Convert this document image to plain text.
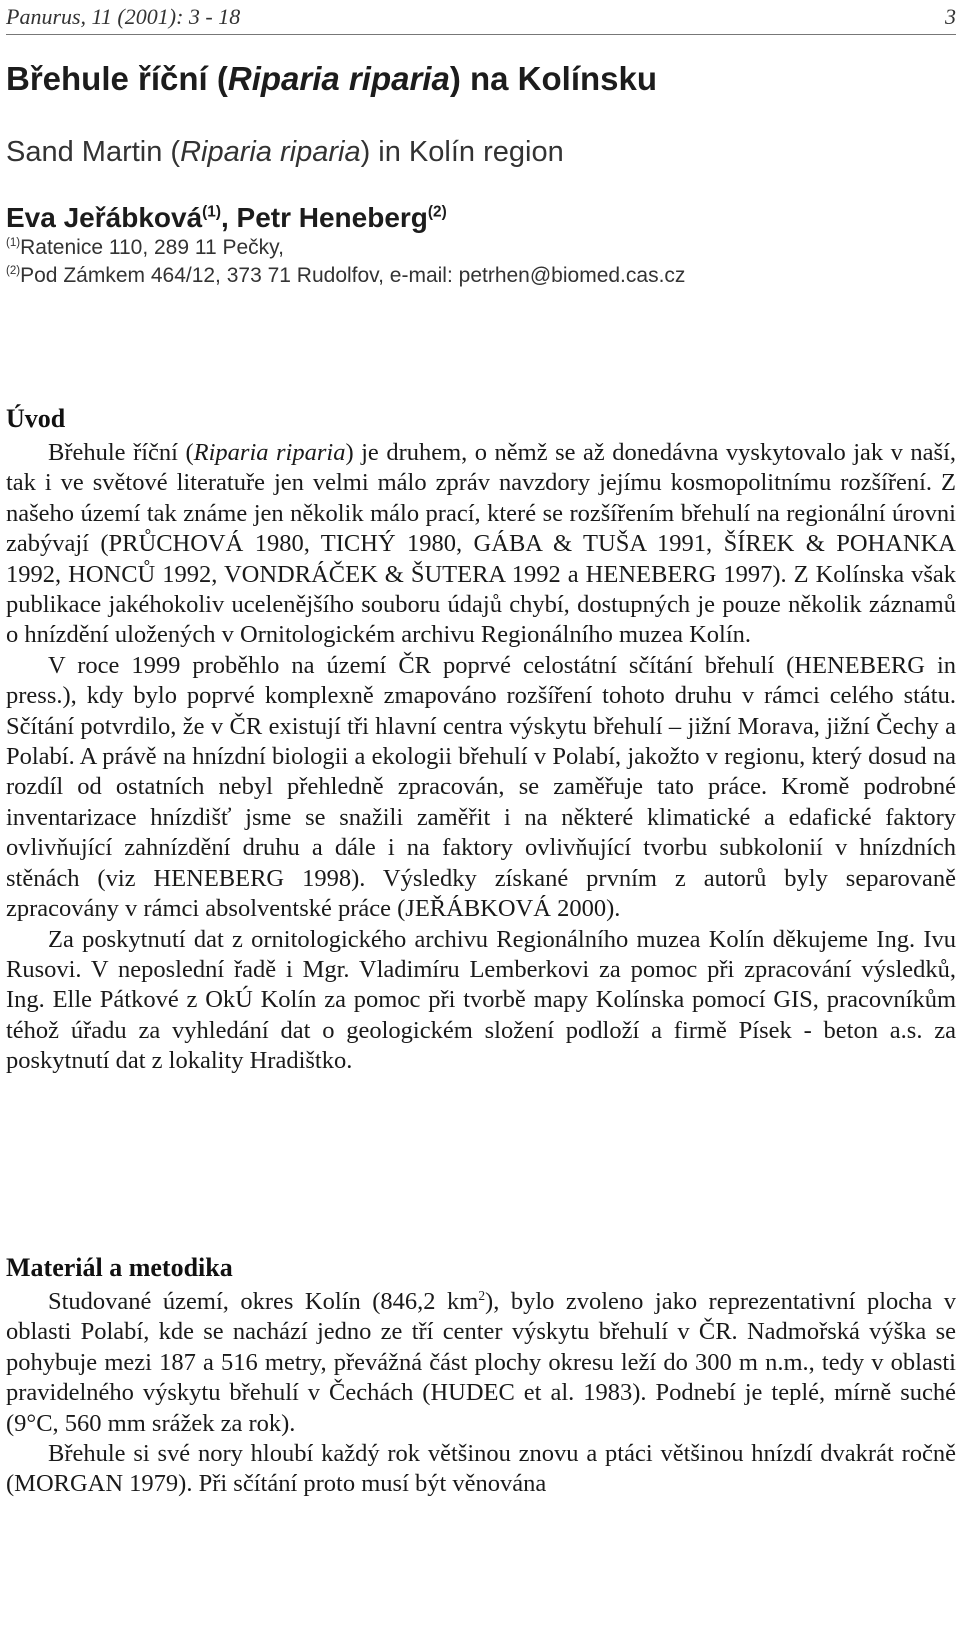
Panurus, 11 (2001): 3 - 18	3
Břehule říční (Riparia riparia) na Kolínsku
Sand Martin (Riparia riparia) in Kolín region
Eva Jeřábková$^{(1)}$, Petr Heneberg$^{(2)}$
$^{(1)}$Ratenice 110, 289 11 Pečky,
$^{(2)}$Pod Zámkem 464/12, 373 71 Rudolfov, e-mail: petrhen@biomed.cas.cz
Úvod

Břehule říční (Riparia riparia) je druhem, o němž se až donedávna vyskytovalo jak v naší, tak i ve světové literatuře jen velmi málo zpráv navzdory jejímu kosmopolitnímu rozšíření. Z našeho území tak známe jen několik málo prací, které se rozšířením břehulí na regionální úrovni zabývají (PRŮCHOVÁ 1980, TICHÝ 1980, GÁBA & TUŠA 1991, ŠÍREK & POHANKA 1992, HONCŮ 1992, VONDRÁČEK & ŠUTERA 1992 a HENEBERG 1997). Z Kolínska však publikace jakéhokoliv ucelenějšího souboru údajů chybí, dostupných je pouze několik záznamů o hnízdění uložených v Ornitologickém archivu Regionálního muzea Kolín.

V roce 1999 proběhlo na území ČR poprvé celostátní sčítání břehulí (HENEBERG in press.), kdy bylo poprvé komplexně zmapováno rozšíření tohoto druhu v rámci celého státu. Sčítání potvrdilo, že v ČR existují tři hlavní centra výskytu břehulí – jižní Morava, jižní Čechy a Polabí. A právě na hnízdní biologii a ekologii břehulí v Polabí, jakožto v regionu, který dosud na rozdíl od ostatních nebyl přehledně zpracován, se zaměřuje tato práce. Kromě podrobné inventarizace hnízdišť jsme se snažili zaměřit i na některé klimatické a edafické faktory ovlivňující zahnízdění druhu a dále i na faktory ovlivňující tvorbu subkolonií v hnízdních stěnách (viz HENEBERG 1998). Výsledky získané prvním z autorů byly separovaně zpracovány v rámci absolventské práce (JEŘÁBKOVÁ 2000).

Za poskytnutí dat z ornitologického archivu Regionálního muzea Kolín děkujeme Ing. Ivu Rusovi. V neposlední řadě i Mgr. Vladimíru Lemberkovi za pomoc při zpracování výsledků, Ing. Elle Pátkové z OkÚ Kolín za pomoc při tvorbě mapy Kolínska pomocí GIS, pracovníkům téhož úřadu za vyhledání dat o geologickém složení podloží a firmě Písek - beton a.s. za poskytnutí dat z lokality Hradištko.

Materiál a metodika

Studované území, okres Kolín (846,2 $km^2$), bylo zvoleno jako reprezentativní plocha v oblasti Polabí, kde se nachází jedno ze tří center výskytu břehulí v ČR. Nadmořská výška se pohybuje mezi 187 a 516 metry, převážná část plochy okresu leží do 300 m n.m., tedy v oblasti pravidelného výskytu břehulí v Čechách (HUDEC et al. 1983). Podnebí je teplé, mírně suché (9°C, 560 mm srážek za rok).

Břehule si své nory hloubí každý rok většinou znovu a ptáci většinou hnízdí dvakrát ročně (MORGAN 1979). Při sčítání proto musí být věnována
